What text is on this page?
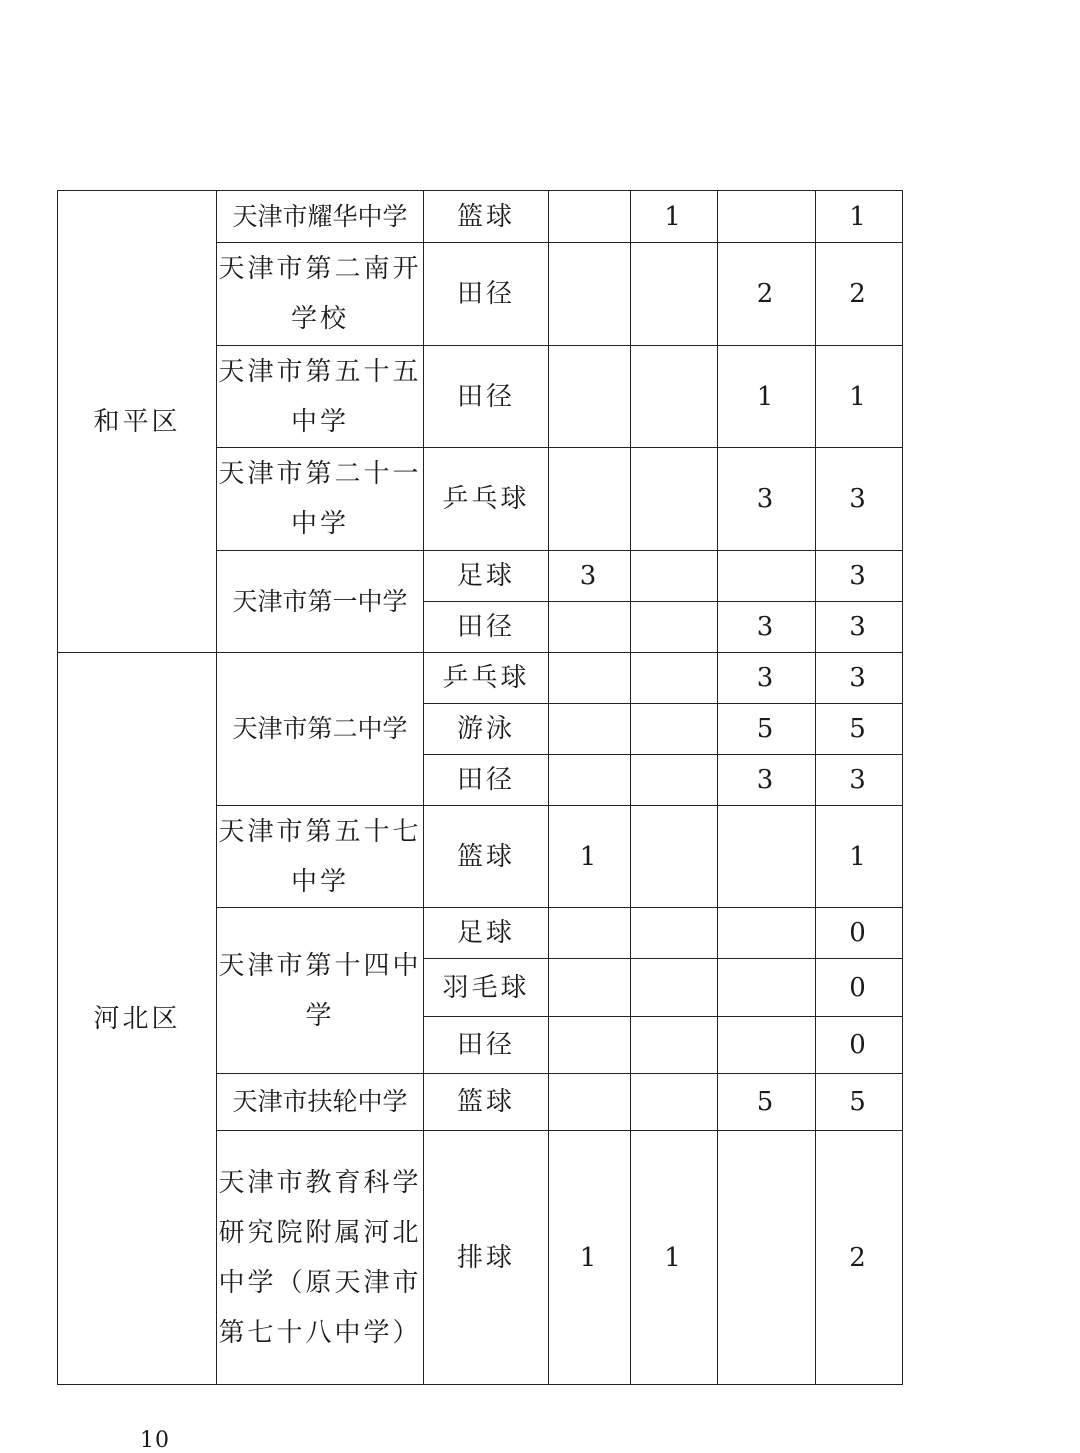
和平区	天津市耀华中学	篮球		1		1
	天津市第二南开学校	田径			2	2
	天津市第五十五中学	田径			1	1
	天津市第二十一中学	乒乓球			3	3
	天津市第一中学	足球	3			3
		田径			3	3
河北区	天津市第二中学	乒乓球			3	3
		游泳			5	5
		田径			3	3
	天津市第五十七中学	篮球	1			1
	天津市第十四中学	足球				0
		羽毛球				0
		田径				0
	天津市扶轮中学	篮球			5	5
	天津市教育科学研究院附属河北中学（原天津市第七十八中学）	排球	1	1		2
10
